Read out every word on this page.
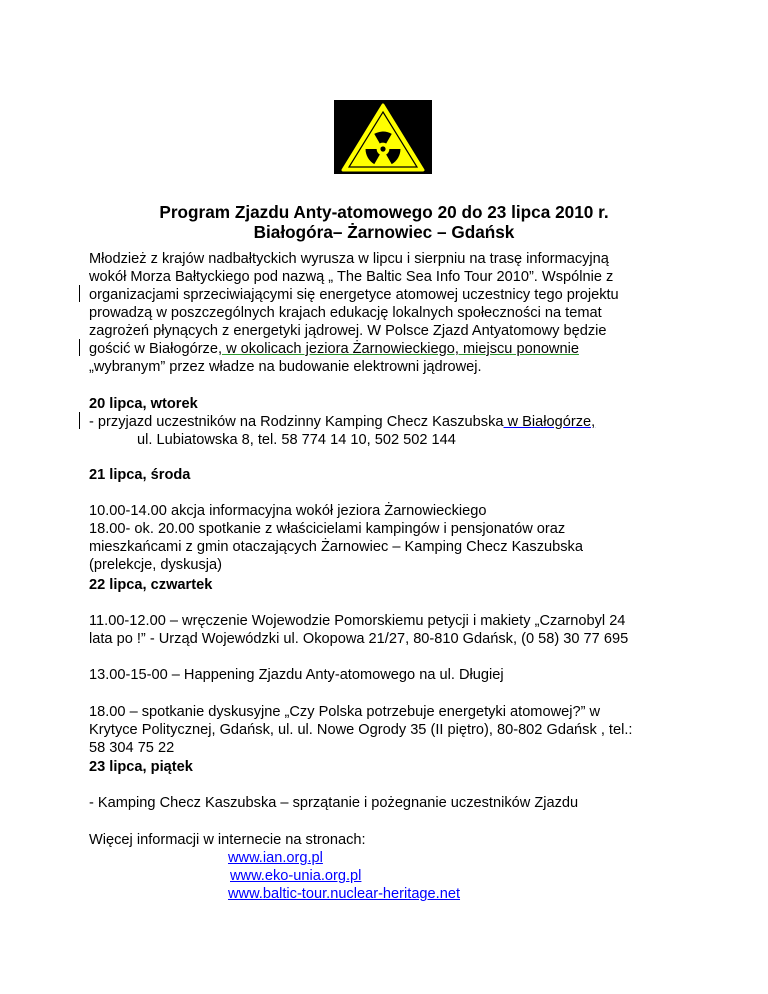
Program Zjazdu Anty-atomowego 20 do 23 lipca 2010 r.
Białogóra– Żarnowiec – Gdańsk

Młodzież z krajów nadbałtyckich wyrusza w lipcu i sierpniu na trasę informacyjną

wokół Morza Bałtyckiego pod nazwą „ The Baltic Sea Info Tour 2010”. Wspólnie z

organizacjami sprzeciwiającymi się energetyce atomowej uczestnicy tego projektu

prowadzą w poszczególnych krajach edukację lokalnych społeczności na temat

zagrożeń płynących z energetyki jądrowej. W Polsce Zjazd Antyatomowy będzie

gościć w Białogórze, w okolicach jeziora Żarnowieckiego, miejscu ponownie

„wybranym” przez władze na budowanie elektrowni jądrowej.

20 lipca, wtorek

- przyjazd uczestników na Rodzinny Kamping Checz Kaszubska w Białogórze,

ul. Lubiatowska 8, tel. 58 774 14 10, 502 502 144

21 lipca, środa

10.00-14.00 akcja informacyjna wokół jeziora Żarnowieckiego

18.00- ok. 20.00 spotkanie z właścicielami kampingów i pensjonatów oraz

mieszkańcami z gmin otaczających Żarnowiec – Kamping Checz Kaszubska

(prelekcje, dyskusja)

22 lipca, czwartek

11.00-12.00 – wręczenie Wojewodzie Pomorskiemu petycji i makiety „Czarnobyl 24

lata po !” - Urząd Wojewódzki ul. Okopowa 21/27, 80-810 Gdańsk, (0 58) 30 77 695

13.00-15-00 – Happening Zjazdu Anty-atomowego na ul. Długiej

18.00 – spotkanie dyskusyjne „Czy Polska potrzebuje energetyki atomowej?” w

Krytyce Politycznej, Gdańsk, ul. ul. Nowe Ogrody 35 (II piętro), 80-802 Gdańsk , tel.:

58 304 75 22

23 lipca, piątek

- Kamping Checz Kaszubska – sprzątanie i pożegnanie uczestników Zjazdu

Więcej informacji w internecie na stronach:

www.ian.org.pl

www.eko-unia.org.pl

www.baltic-tour.nuclear-heritage.net
